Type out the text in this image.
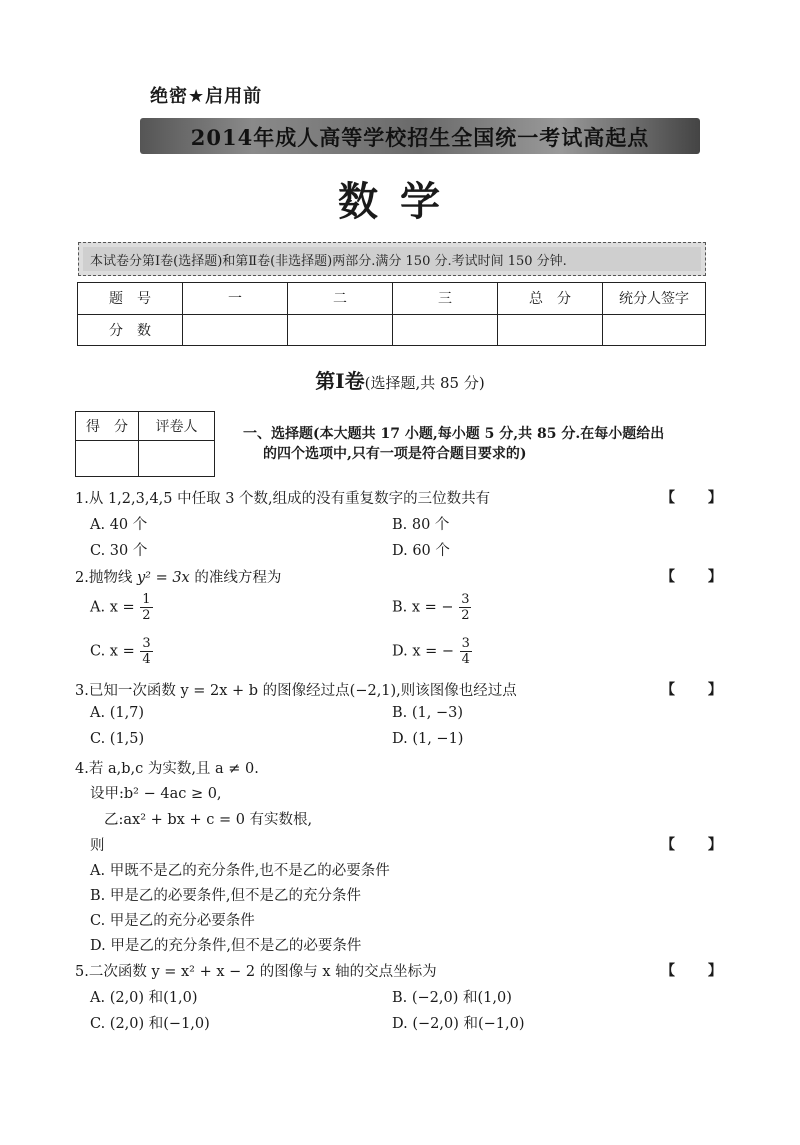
绝密★启用前
2014年成人高等学校招生全国统一考试高起点
数学
本试卷分第Ⅰ卷(选择题)和第Ⅱ卷(非选择题)两部分.满分 150 分.考试时间 150 分钟.
题　号	一	二	三	总　分	统分人签字
分　数					
第Ⅰ卷(选择题,共 85 分)
得　分	评卷人
		一、选择题(本大题共 17 小题,每小题 5 分,共 85 分.在每小题给出
的四个选项中,只有一项是符合题目要求的)
1.从 1,2,3,4,5 中任取 3 个数,组成的没有重复数字的三位数共有	【 】
A. 40 个	B. 80 个
C. 30 个	D. 60 个
2.抛物线 y² = 3x 的准线方程为	【 】
A. $x = \frac{1}{2}$	B. x = − $\frac{3}{2}$
C. $x = \frac{3}{4}$	D. x = − $\frac{3}{4}$
3.已知一次函数 y = 2x + b 的图像经过点(−2,1),则该图像也经过点	【 】
A. (1,7)	B. (1, −3)
C. (1,5)	D. (1, −1)
4.若 a,b,c 为实数,且 a ≠ 0.
设甲:b² − 4ac ≥ 0,
乙:ax² + bx + c = 0 有实数根,
则	【 】
A. 甲既不是乙的充分条件,也不是乙的必要条件
B. 甲是乙的必要条件,但不是乙的充分条件
C. 甲是乙的充分必要条件
D. 甲是乙的充分条件,但不是乙的必要条件
5.二次函数 y = x² + x − 2 的图像与 x 轴的交点坐标为	【 】
A. (2,0) 和(1,0)	B. (−2,0) 和(1,0)
C. (2,0) 和(−1,0)	D. (−2,0) 和(−1,0)
